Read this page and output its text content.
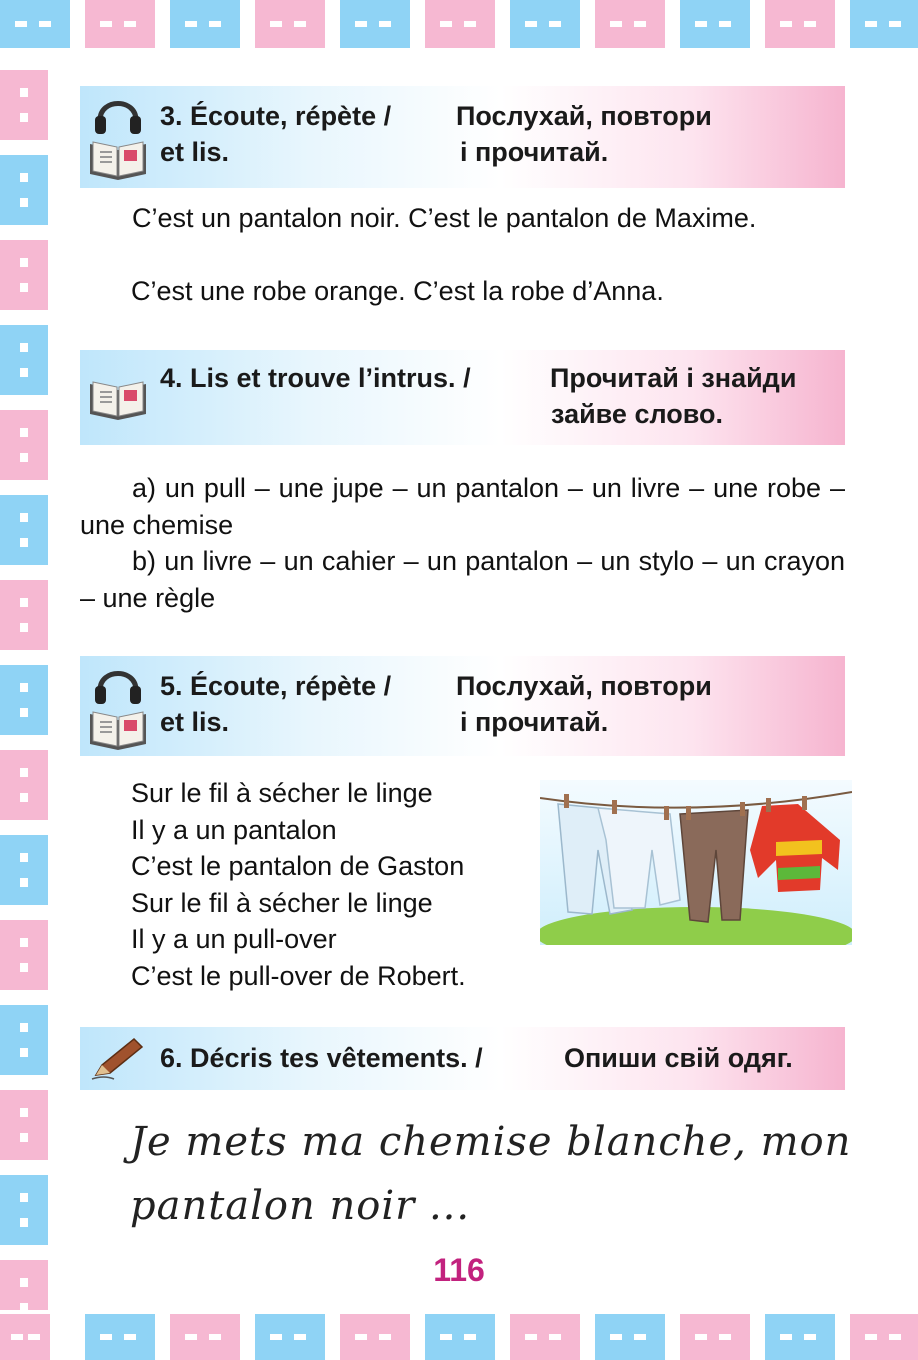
3. Écoute, répète /
et lis.
Послухай, повтори
і прочитай.
C’est un pantalon noir. C’est le pantalon de Maxime.
C’est une robe orange. C’est la robe d’Anna.
4. Lis et trouve l’intrus. /	Прочитай і знайди
зайве слово.
a) un pull – une jupe – un pantalon – un livre – une robe – une chemise
b) un livre – un cahier – un pantalon – un stylo – un crayon – une règle
5. Écoute, répète /
et lis.
Послухай, повтори
і прочитай.
Sur le fil à sécher le linge
Il y a un pantalon
C’est le pantalon de Gaston
Sur le fil à sécher le linge
Il y a un pull-over
C’est le pull-over de Robert.
6. Décris tes vêtements. /	Опиши свій одяг.
Je mets ma chemise blanche, mon
pantalon noir ...
116
